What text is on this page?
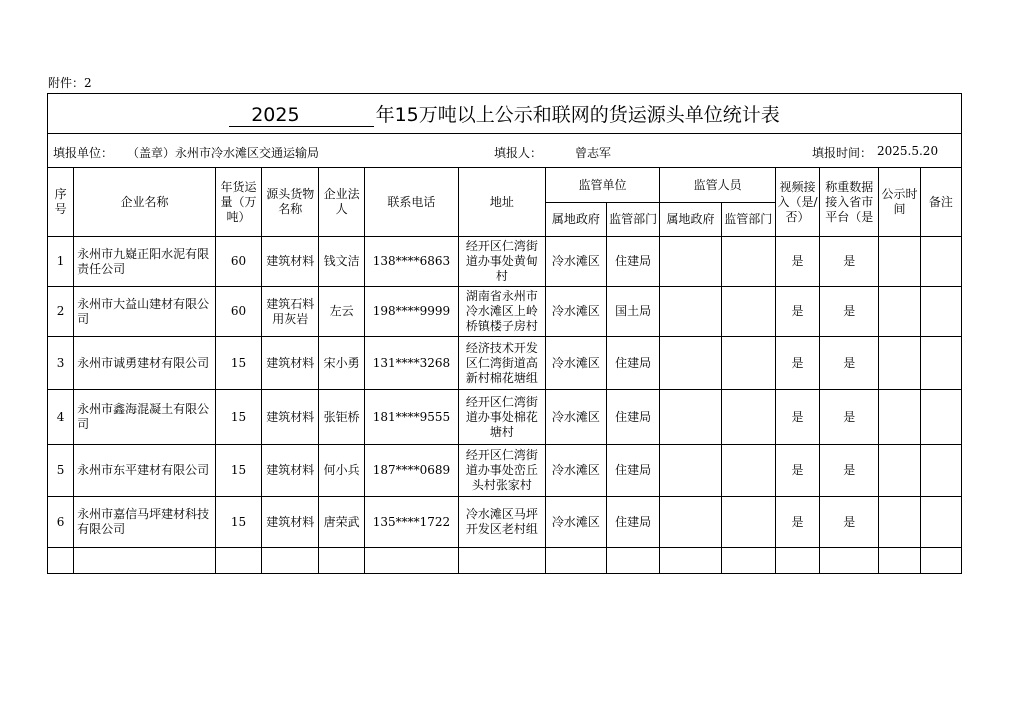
附件：2
2025	年15万吨以上公示和联网的货运源头单位统计表
填报单位： （盖章）永州市冷水滩区交通运输局	填报人：	曾志军	填报时间： 2025.5.20
序号	企业名称	年货运量（万吨）	源头货物名称	企业法人	联系电话	地址	监管单位		监管人员		视频接入（是/否）	称重数据接入省市平台（是	公示时间	备注
							属地政府	监管部门	属地政府	监管部门				
1	永州市九嶷正阳水泥有限责任公司	60	建筑材料	钱文洁	138****6863	经开区仁湾街道办事处黄甸村	冷水滩区	住建局			是	是		
2	永州市大益山建材有限公司	60	建筑石料用灰岩	左云	198****9999	湖南省永州市冷水滩区上岭桥镇楼子房村	冷水滩区	国土局			是	是		
3	永州市诚勇建材有限公司	15	建筑材料	宋小勇	131****3268	经济技术开发区仁湾街道高新村棉花塘组	冷水滩区	住建局			是	是		
4	永州市鑫海混凝土有限公司	15	建筑材料	张钜桥	181****9555	经开区仁湾街道办事处棉花塘村	冷水滩区	住建局			是	是		
5	永州市东平建材有限公司	15	建筑材料	何小兵	187****0689	经开区仁湾街道办事处峦丘头村张家村	冷水滩区	住建局			是	是		
6	永州市嘉信马坪建材科技有限公司	15	建筑材料	唐荣武	135****1722	冷水滩区马坪开发区老村组	冷水滩区	住建局			是	是		
